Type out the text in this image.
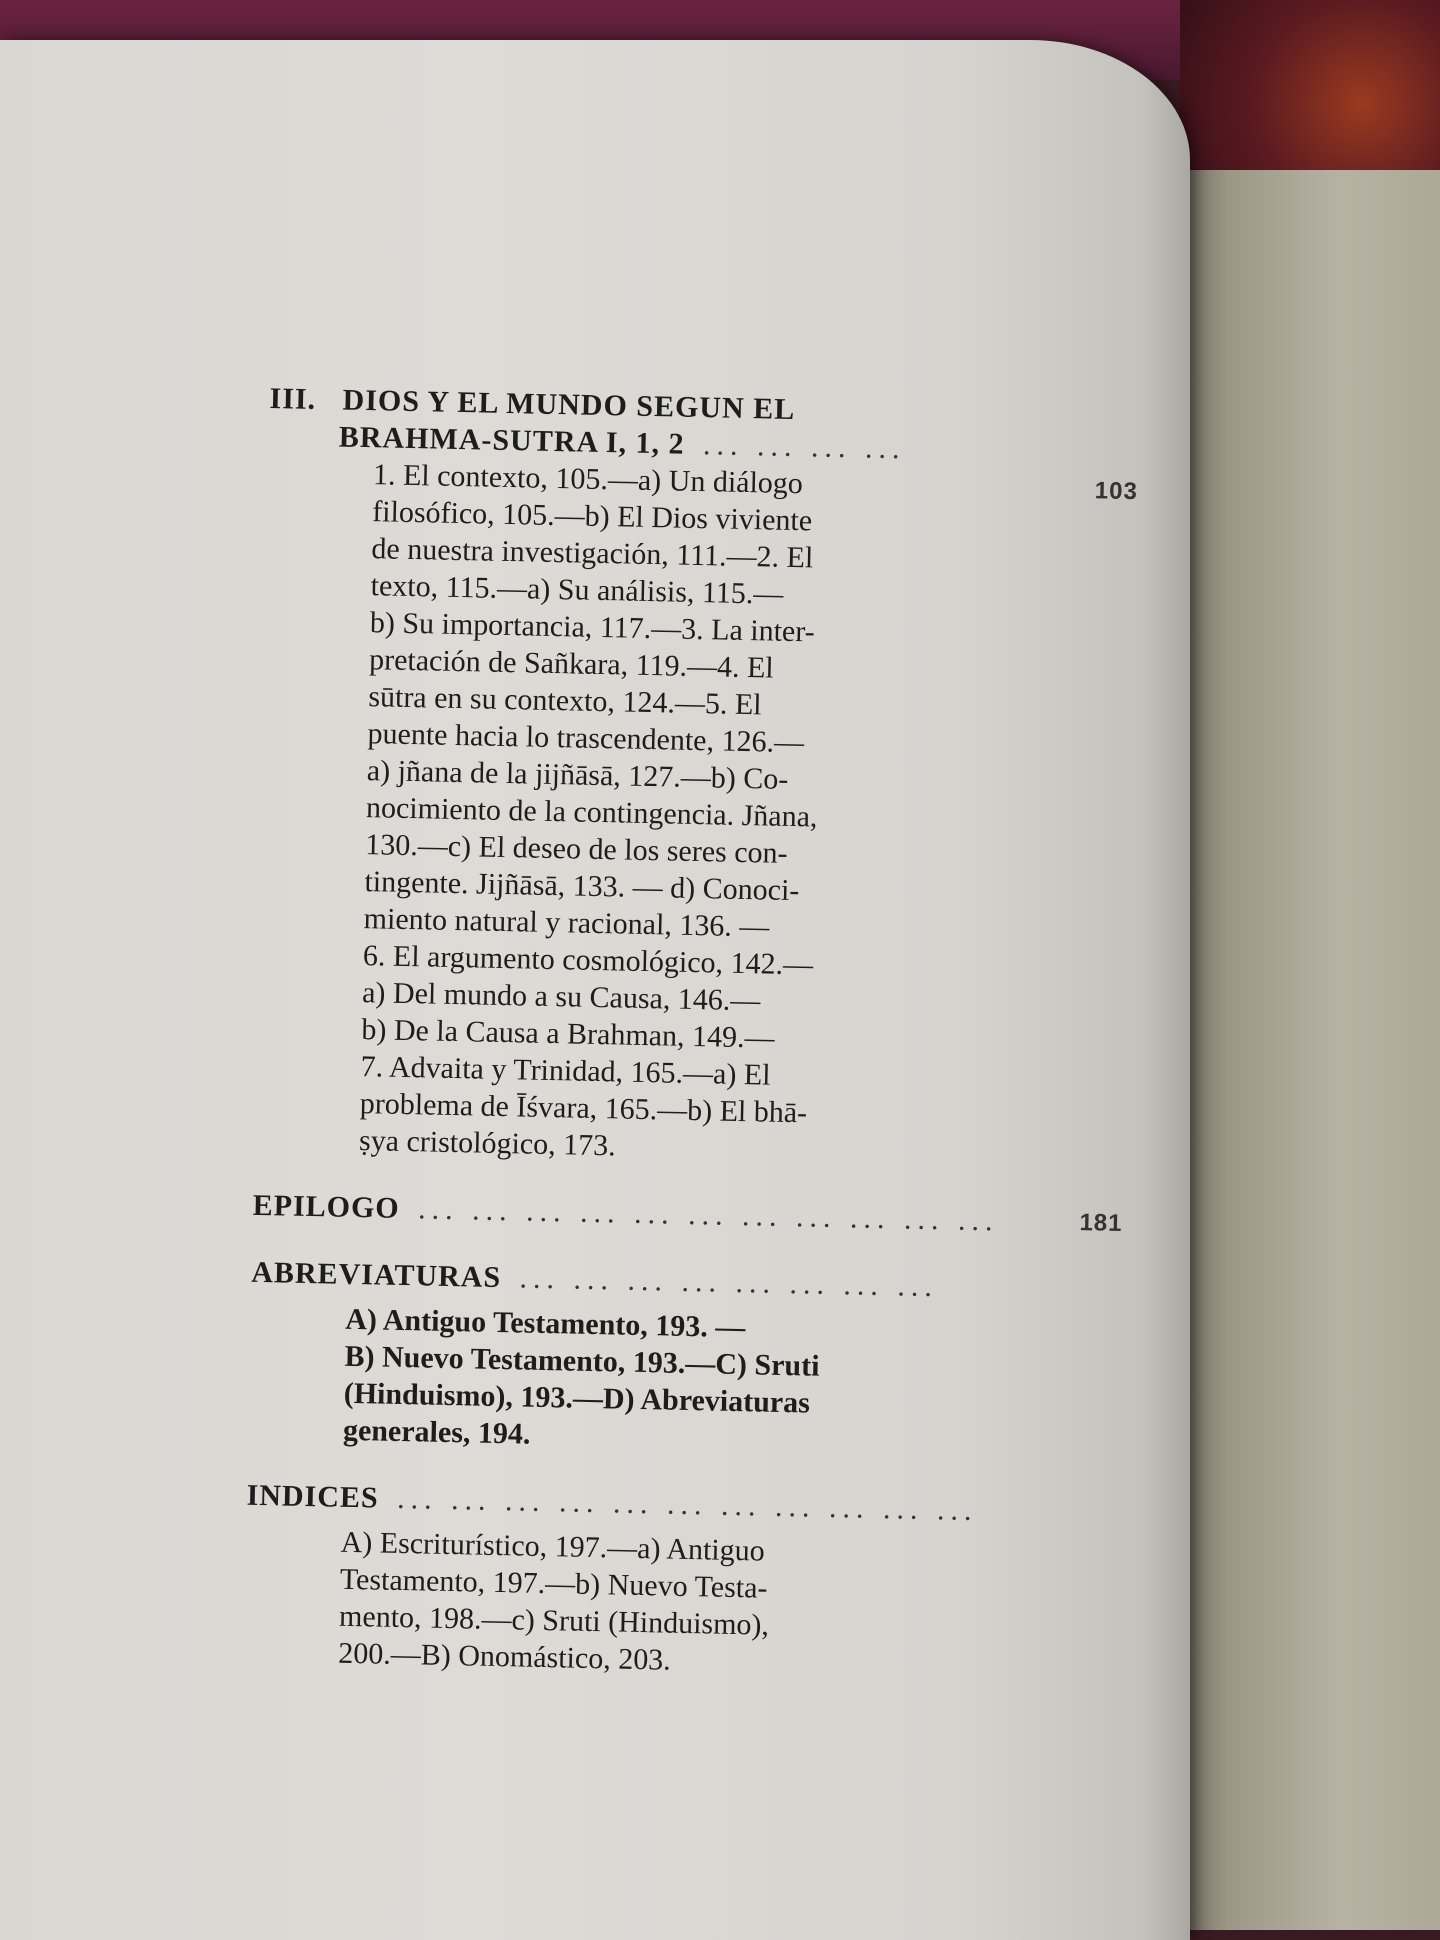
III. DIOS Y EL MUNDO SEGUN EL
BRAHMA-SUTRA I, 1, 2 ... ... ... ...
103
1. El contexto, 105.—a) Un diálogo
filosófico, 105.—b) El Dios viviente
de nuestra investigación, 111.—2. El
texto, 115.—a) Su análisis, 115.—
b) Su importancia, 117.—3. La inter-
pretación de Sañkara, 119.—4. El
sūtra en su contexto, 124.—5. El
puente hacia lo trascendente, 126.—
a) jñana de la jijñāsā, 127.—b) Co-
nocimiento de la contingencia. Jñana,
130.—c) El deseo de los seres con-
tingente. Jijñāsā, 133. — d) Conoci-
miento natural y racional, 136. —
6. El argumento cosmológico, 142.—
a) Del mundo a su Causa, 146.—
b) De la Causa a Brahman, 149.—
7. Advaita y Trinidad, 165.—a) El
problema de Īśvara, 165.—b) El bhā-
ṣya cristológico, 173.
EPILOGO ... ... ... ... ... ... ... ... ... ... ...	181
ABREVIATURAS ... ... ... ... ... ... ... ...
A) Antiguo Testamento, 193. —
B) Nuevo Testamento, 193.—C) Sruti
(Hinduismo), 193.—D) Abreviaturas
generales, 194.
INDICES ... ... ... ... ... ... ... ... ... ... ...
A) Escriturístico, 197.—a) Antiguo
Testamento, 197.—b) Nuevo Testa-
mento, 198.—c) Sruti (Hinduismo),
200.—B) Onomástico, 203.
